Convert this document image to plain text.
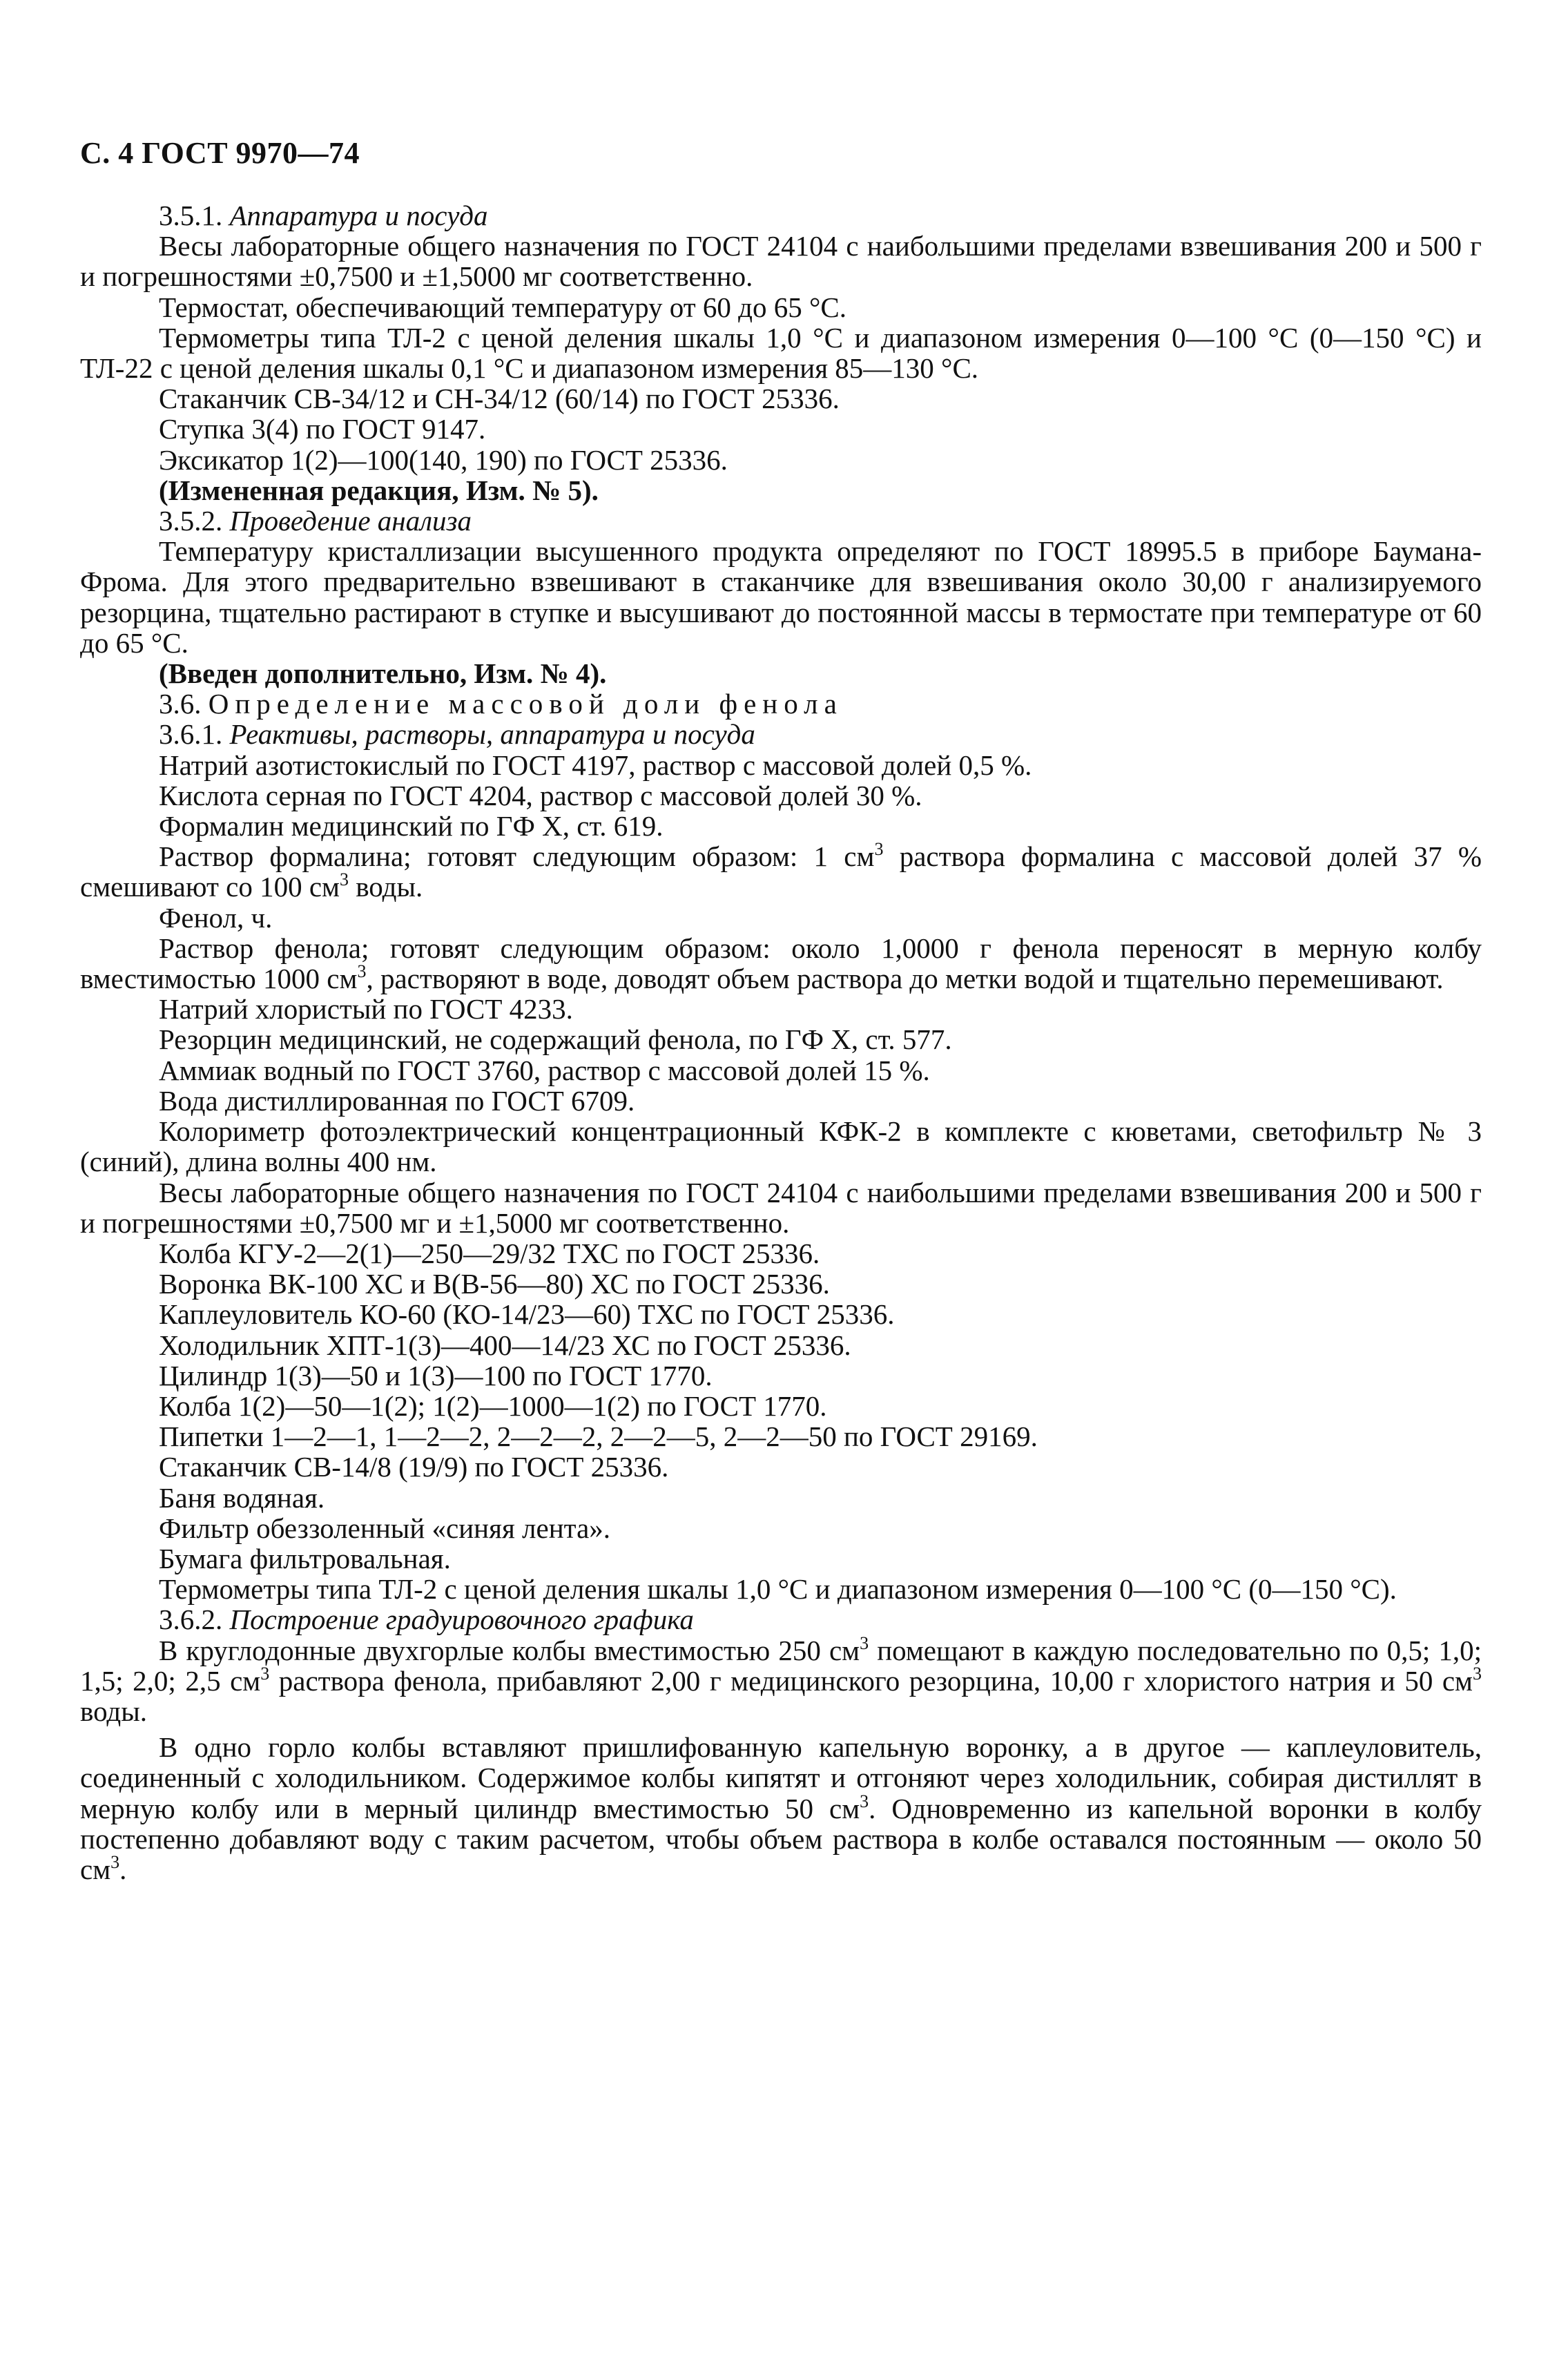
С. 4 ГОСТ 9970—74

3.5.1. Аппаратура и посуда

Весы лабораторные общего назначения по ГОСТ 24104 с наибольшими пределами взвешивания 200 и 500 г и погрешностями ±0,7500 и ±1,5000 мг соответственно.

Термостат, обеспечивающий температуру от 60 до 65 °С.

Термометры типа ТЛ-2 с ценой деления шкалы 1,0 °С и диапазоном измерения 0—100 °С (0—150 °С) и ТЛ-22 с ценой деления шкалы 0,1 °С и диапазоном измерения 85—130 °С.

Стаканчик СВ-34/12 и СН-34/12 (60/14) по ГОСТ 25336.

Ступка 3(4) по ГОСТ 9147.

Эксикатор 1(2)—100(140, 190) по ГОСТ 25336.

(Измененная редакция, Изм. № 5).

3.5.2. Проведение анализа

Температуру кристаллизации высушенного продукта определяют по ГОСТ 18995.5 в приборе Баумана-Фрома. Для этого предварительно взвешивают в стаканчике для взвешивания около 30,00 г анализируемого резорцина, тщательно растирают в ступке и высушивают до постоянной массы в термостате при температуре от 60 до 65 °С.

(Введен дополнительно, Изм. № 4).

3.6. Определение массовой доли фенола

3.6.1. Реактивы, растворы, аппаратура и посуда

Натрий азотистокислый по ГОСТ 4197, раствор с массовой долей 0,5 %.

Кислота серная по ГОСТ 4204, раствор с массовой долей 30 %.

Формалин медицинский по ГФ Х, ст. 619.

Раствор формалина; готовят следующим образом: 1 $см^3$ раствора формалина с массовой долей 37 % смешивают со 100 $см^3$ воды.

Фенол, ч.

Раствор фенола; готовят следующим образом: около 1,0000 г фенола переносят в мерную колбу вместимостью 1000 $см^3$, растворяют в воде, доводят объем раствора до метки водой и тщательно перемешивают.

Натрий хлористый по ГОСТ 4233.

Резорцин медицинский, не содержащий фенола, по ГФ Х, ст. 577.

Аммиак водный по ГОСТ 3760, раствор с массовой долей 15 %.

Вода дистиллированная по ГОСТ 6709.

Колориметр фотоэлектрический концентрационный КФК-2 в комплекте с кюветами, светофильтр № 3 (синий), длина волны 400 нм.

Весы лабораторные общего назначения по ГОСТ 24104 с наибольшими пределами взвешивания 200 и 500 г и погрешностями ±0,7500 мг и ±1,5000 мг соответственно.

Колба КГУ-2—2(1)—250—29/32 ТХС по ГОСТ 25336.

Воронка ВК-100 ХС и В(В-56—80) ХС по ГОСТ 25336.

Каплеуловитель КО-60 (КО-14/23—60) ТХС по ГОСТ 25336.

Холодильник ХПТ-1(3)—400—14/23 ХС по ГОСТ 25336.

Цилиндр 1(3)—50 и 1(3)—100 по ГОСТ 1770.

Колба 1(2)—50—1(2); 1(2)—1000—1(2) по ГОСТ 1770.

Пипетки 1—2—1, 1—2—2, 2—2—2, 2—2—5, 2—2—50 по ГОСТ 29169.

Стаканчик СВ-14/8 (19/9) по ГОСТ 25336.

Баня водяная.

Фильтр обеззоленный «синяя лента».

Бумага фильтровальная.

Термометры типа ТЛ-2 с ценой деления шкалы 1,0 °С и диапазоном измерения 0—100 °С (0—150 °С).

3.6.2. Построение градуировочного графика

В круглодонные двухгорлые колбы вместимостью 250 $см^3$ помещают в каждую последовательно по 0,5; 1,0; 1,5; 2,0; 2,5 $см^3$ раствора фенола, прибавляют 2,00 г медицинского резорцина, 10,00 г хлористого натрия и 50 $см^3$ воды.

В одно горло колбы вставляют пришлифованную капельную воронку, а в другое — каплеуловитель, соединенный с холодильником. Содержимое колбы кипятят и отгоняют через холодильник, собирая дистиллят в мерную колбу или в мерный цилиндр вместимостью 50 $см^3$. Одновременно из капельной воронки в колбу постепенно добавляют воду с таким расчетом, чтобы объем раствора в колбе оставался постоянным — около 50 $см^3$.
